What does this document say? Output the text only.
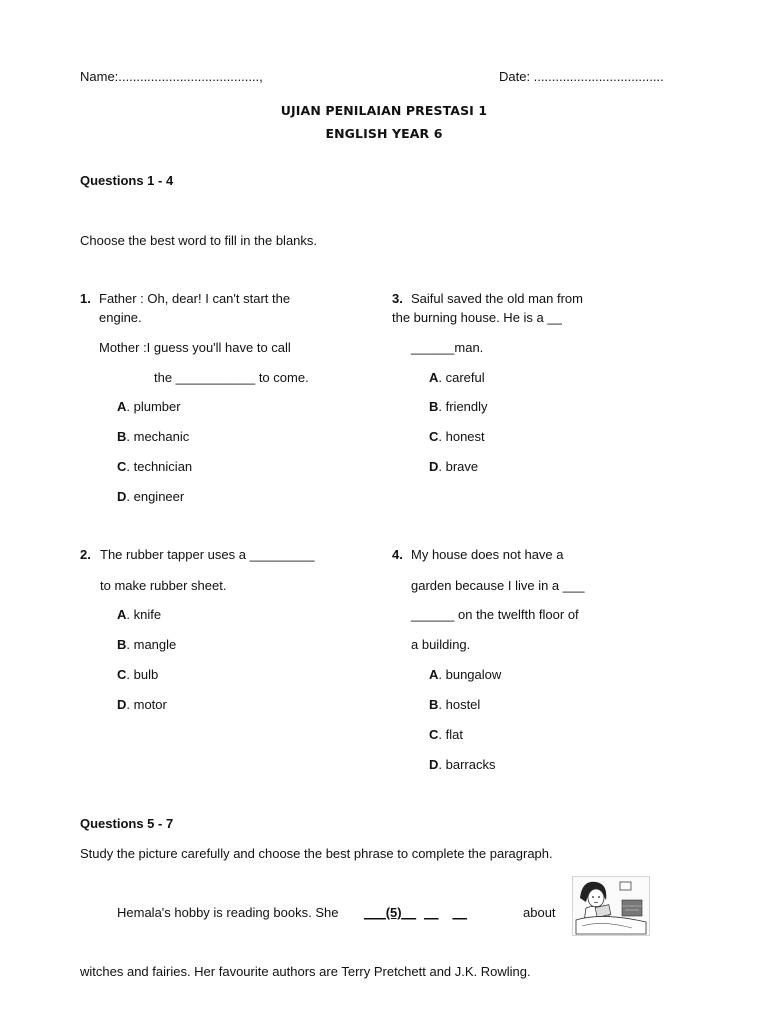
Name:.......................................,	Date: ....................................
UJIAN PENILAIAN PRESTASI 1
ENGLISH YEAR 6
Questions 1 - 4
Choose the best word to fill in the blanks.
1. Father : Oh, dear! I can't start the
engine.
Mother :I guess you'll have to call
the ___________ to come.
A. plumber
B. mechanic
C. technician
D. engineer
3. Saiful saved the old man from
the burning house. He is a __
______man.
A. careful
B. friendly
C. honest
D. brave
2. The rubber tapper uses a _________
to make rubber sheet.
A. knife
B. mangle
C. bulb
D. motor
4. My house does not have a
garden because I live in a ___
______ on the twelfth floor of
a building.
A. bungalow
B. hostel
C. flat
D. barracks
Questions 5 - 7
Study the picture carefully and choose the best phrase to complete the paragraph.
Hemala's hobby is reading books. She ___(5)__ __ __	about
witches and fairies. Her favourite authors are Terry Pretchett and J.K. Rowling.
